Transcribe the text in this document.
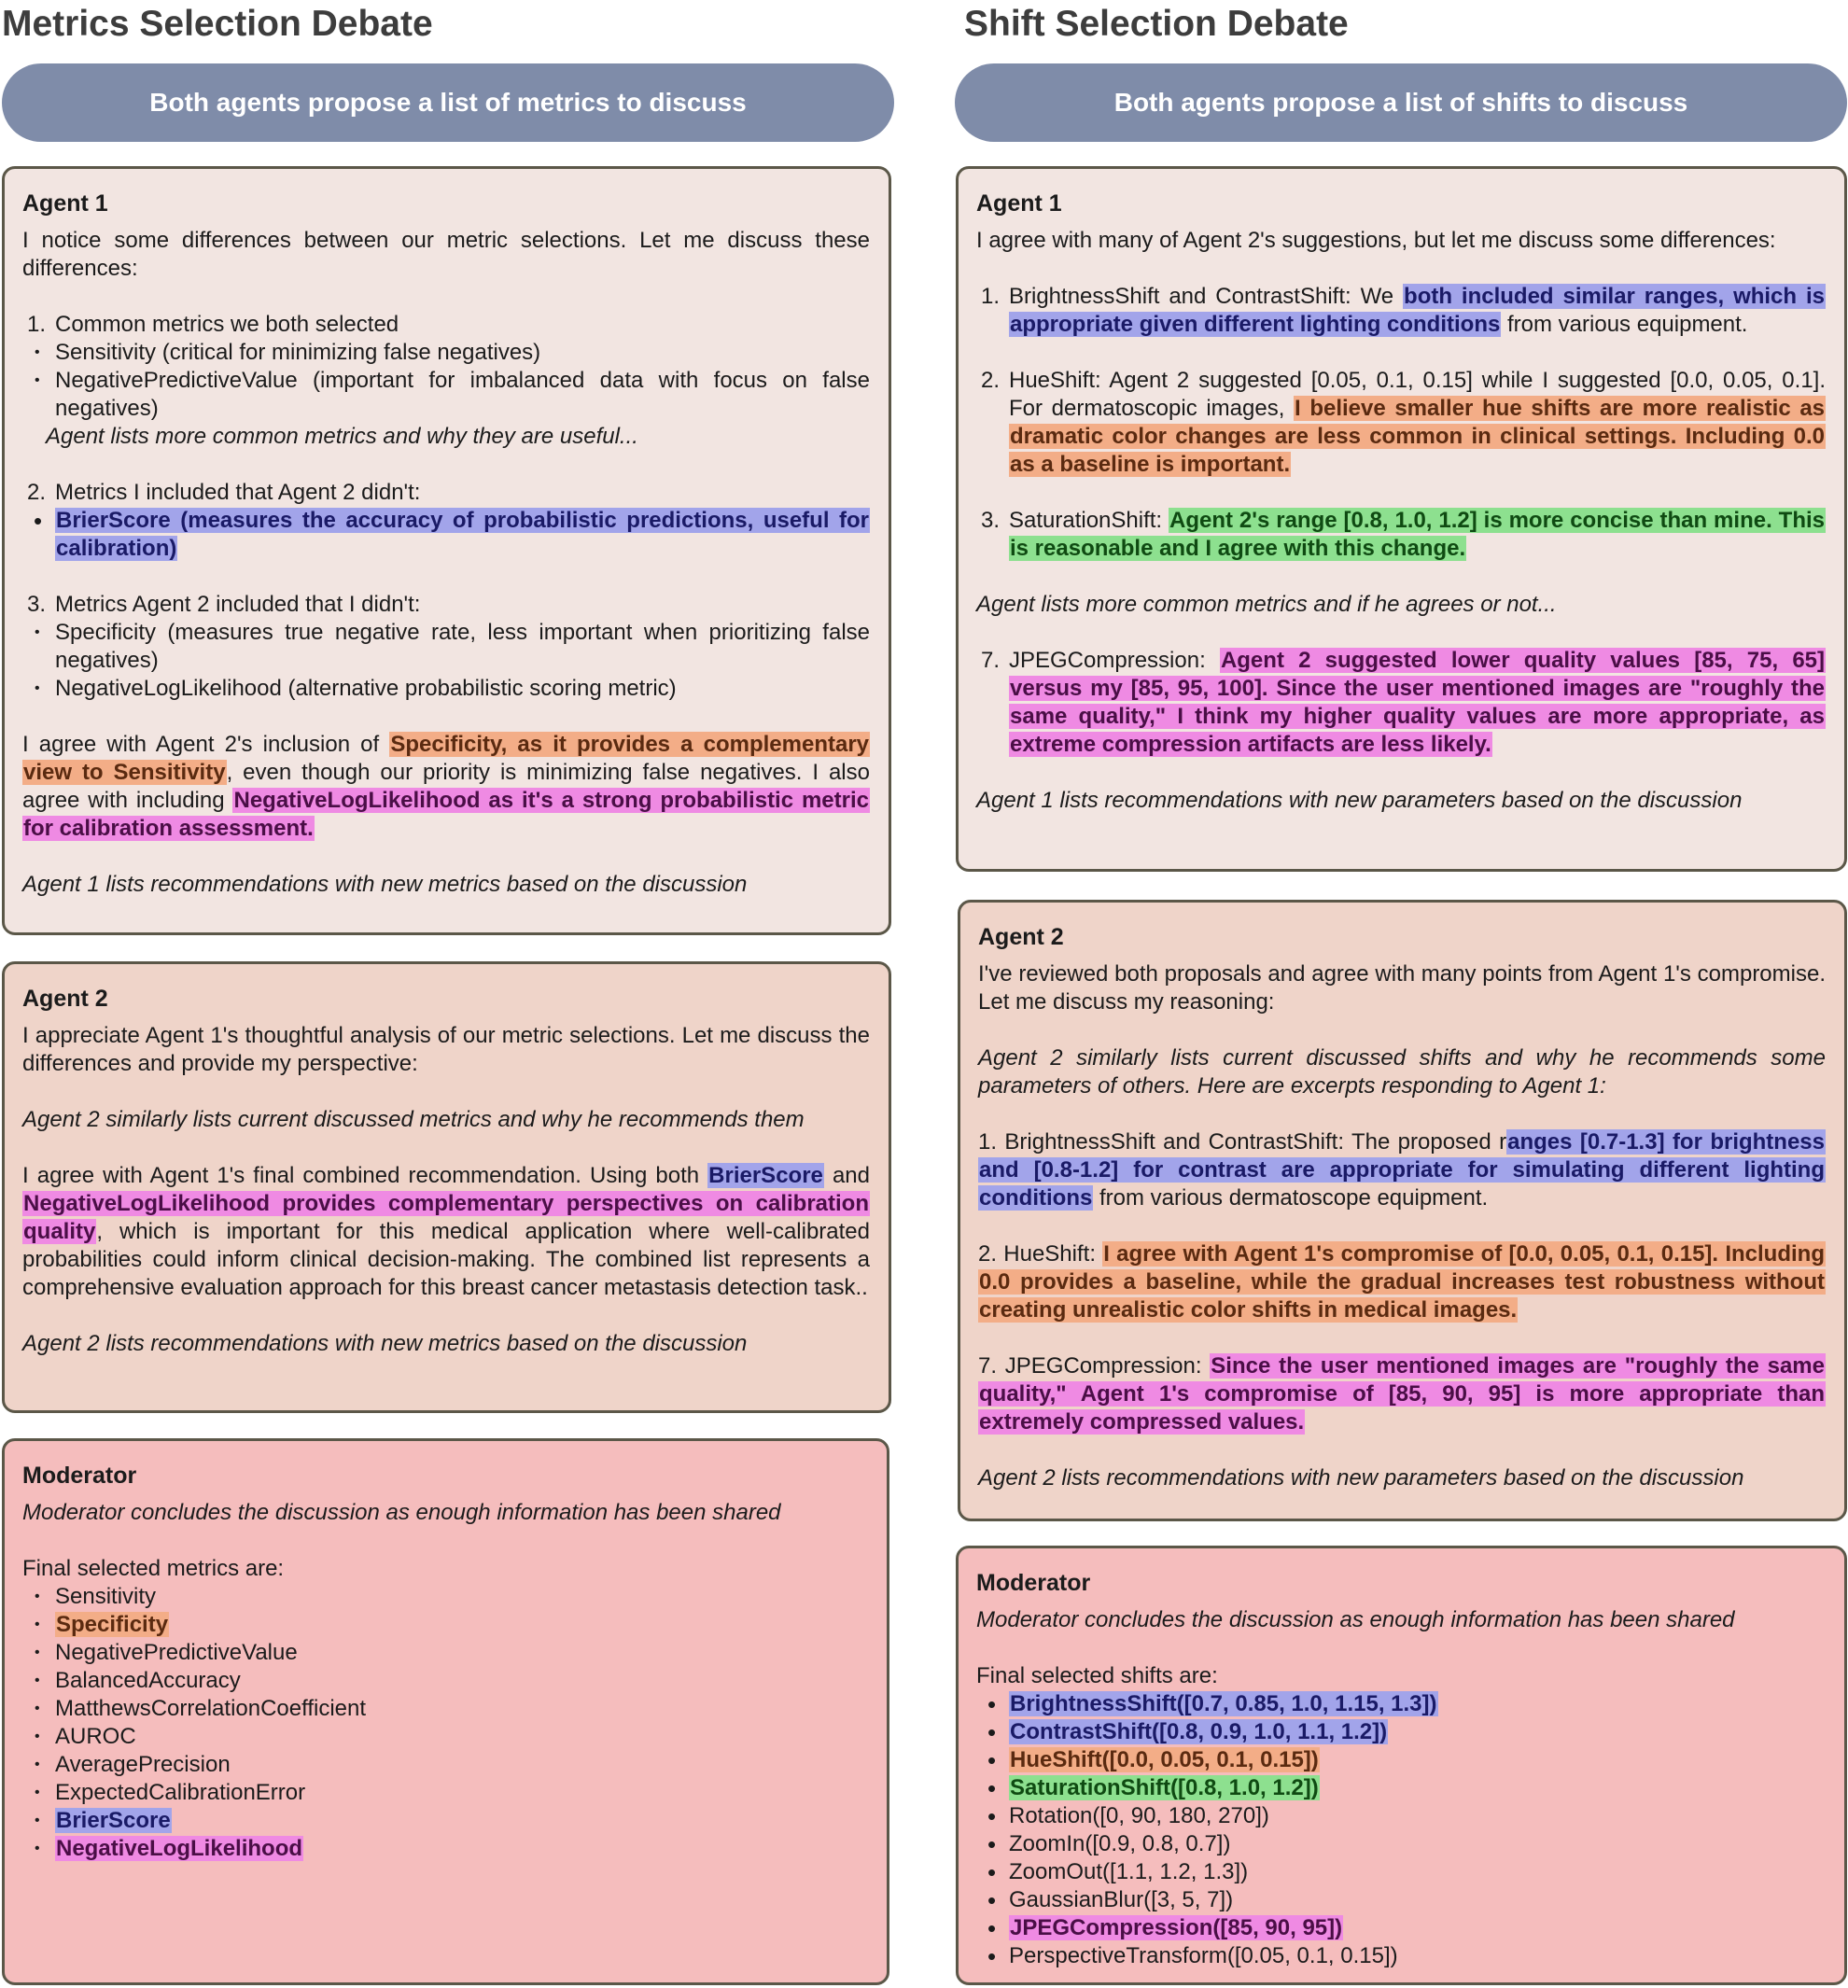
Metrics Selection Debate
Both agents propose a list of metrics to discuss
Agent 1

I notice some differences between our metric selections. Let me discuss these differences:

1. Common metrics we both selected
• Sensitivity (critical for minimizing false negatives)
• NegativePredictiveValue (important for imbalanced data with focus on false negatives)

Agent lists more common metrics and why they are useful...

2. Metrics I included that Agent 2 didn't:
• BrierScore (measures the accuracy of probabilistic predictions, useful for calibration)
3. Metrics Agent 2 included that I didn't:
• Specificity (measures true negative rate, less important when prioritizing false negatives)
• NegativeLogLikelihood (alternative probabilistic scoring metric)

I agree with Agent 2's inclusion of Specificity, as it provides a complementary view to Sensitivity, even though our priority is minimizing false negatives. I also agree with including NegativeLogLikelihood as it's a strong probabilistic metric for calibration assessment.

Agent 1 lists recommendations with new metrics based on the discussion

Agent 2

I appreciate Agent 1's thoughtful analysis of our metric selections. Let me discuss the differences and provide my perspective:

Agent 2 similarly lists current discussed metrics and why he recommends them

I agree with Agent 1's final combined recommendation. Using both BrierScore and NegativeLogLikelihood provides complementary perspectives on calibration quality, which is important for this medical application where well-calibrated probabilities could inform clinical decision-making. The combined list represents a comprehensive evaluation approach for this breast cancer metastasis detection task..

Agent 2 lists recommendations with new metrics based on the discussion

Moderator

Moderator concludes the discussion as enough information has been shared

Final selected metrics are:

• Sensitivity
• Specificity
• NegativePredictiveValue
• BalancedAccuracy
• MatthewsCorrelationCoefficient
• AUROC
• AveragePrecision
• ExpectedCalibrationError
• BrierScore
• NegativeLogLikelihood
Shift Selection Debate
Both agents propose a list of shifts to discuss
Agent 1

I agree with many of Agent 2's suggestions, but let me discuss some differences:

1. BrightnessShift and ContrastShift: We both included similar ranges, which is appropriate given different lighting conditions from various equipment.
2. HueShift: Agent 2 suggested [0.05, 0.1, 0.15] while I suggested [0.0, 0.05, 0.1]. For dermatoscopic images, I believe smaller hue shifts are more realistic as dramatic color changes are less common in clinical settings. Including 0.0 as a baseline is important.
3. SaturationShift: Agent 2's range [0.8, 1.0, 1.2] is more concise than mine. This is reasonable and I agree with this change.

Agent lists more common metrics and if he agrees or not...

7. JPEGCompression: Agent 2 suggested lower quality values [85, 75, 65] versus my [85, 95, 100]. Since the user mentioned images are "roughly the same quality," I think my higher quality values are more appropriate, as extreme compression artifacts are less likely.

Agent 1 lists recommendations with new parameters based on the discussion

Agent 2

I've reviewed both proposals and agree with many points from Agent 1's compromise. Let me discuss my reasoning:

Agent 2 similarly lists current discussed shifts and why he recommends some parameters of others. Here are excerpts responding to Agent 1:

1. BrightnessShift and ContrastShift: The proposed ranges [0.7-1.3] for brightness and [0.8-1.2] for contrast are appropriate for simulating different lighting conditions from various dermatoscope equipment.

2. HueShift: I agree with Agent 1's compromise of [0.0, 0.05, 0.1, 0.15]. Including 0.0 provides a baseline, while the gradual increases test robustness without creating unrealistic color shifts in medical images.

7. JPEGCompression: Since the user mentioned images are "roughly the same quality," Agent 1's compromise of [85, 90, 95] is more appropriate than extremely compressed values.

Agent 2 lists recommendations with new parameters based on the discussion

Moderator

Moderator concludes the discussion as enough information has been shared

Final selected shifts are:

• BrightnessShift([0.7, 0.85, 1.0, 1.15, 1.3])
• ContrastShift([0.8, 0.9, 1.0, 1.1, 1.2])
• HueShift([0.0, 0.05, 0.1, 0.15])
• SaturationShift([0.8, 1.0, 1.2])
• Rotation([0, 90, 180, 270])
• ZoomIn([0.9, 0.8, 0.7])
• ZoomOut([1.1, 1.2, 1.3])
• GaussianBlur([3, 5, 7])
• JPEGCompression([85, 90, 95])
• PerspectiveTransform([0.05, 0.1, 0.15])
